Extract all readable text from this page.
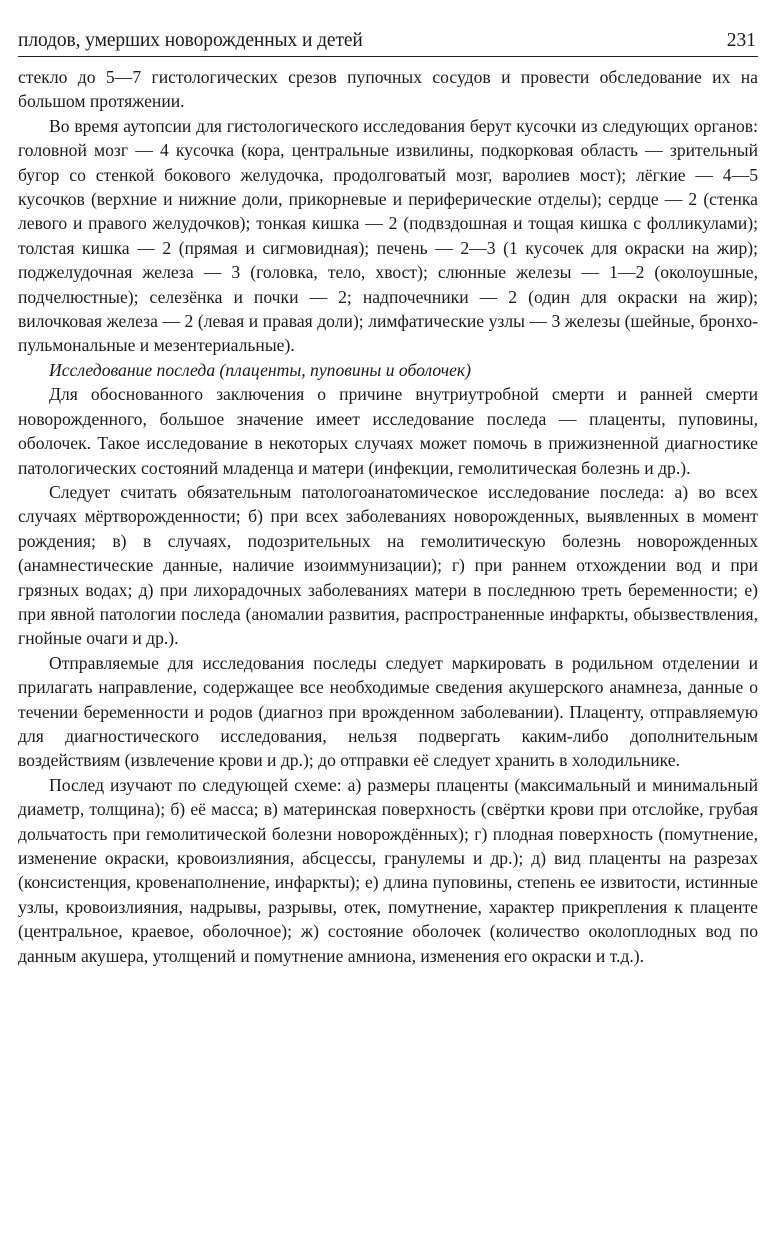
плодов, умерших новорожденных и детей	231

стекло до 5—7 гистологических срезов пупочных сосудов и провести обследование их на большом протяжении.

Во время аутопсии для гистологического исследования берут кусочки из следующих органов: головной мозг — 4 кусочка (кора, центральные извилины, подкорковая область — зрительный бугор со стенкой бокового желудочка, продолговатый мозг, варолиев мост); лёгкие — 4—5 кусочков (верхние и нижние доли, прикорневые и периферические отделы); сердце — 2 (стенка левого и правого желудочков); тонкая кишка — 2 (подвздошная и тощая кишка с фолликулами); толстая кишка — 2 (прямая и сигмовидная); печень — 2—3 (1 кусочек для окраски на жир); поджелудочная железа — 3 (головка, тело, хвост); слюнные железы — 1—2 (околоушные, подчелюстные); селезёнка и почки — 2; надпочечники — 2 (один для окраски на жир); вилочковая железа — 2 (левая и правая доли); лимфатические узлы — 3 железы (шейные, бронхо-пульмональные и мезентериальные).

Исследование последа (плаценты, пуповины и оболочек)

Для обоснованного заключения о причине внутриутробной смерти и ранней смерти новорожденного, большое значение имеет исследование последа — плаценты, пуповины, оболочек. Такое исследование в некоторых случаях может помочь в прижизненной диагностике патологических состояний младенца и матери (инфекции, гемолитическая болезнь и др.).

Следует считать обязательным патологоанатомическое исследование последа: а) во всех случаях мёртворожденности; б) при всех заболеваниях новорожденных, выявленных в момент рождения; в) в случаях, подозрительных на гемолитическую болезнь новорожденных (анамнестические данные, наличие изоиммунизации); г) при раннем отхождении вод и при грязных водах; д) при лихорадочных заболеваниях матери в последнюю треть беременности; е) при явной патологии последа (аномалии развития, распространенные инфаркты, обызвествления, гнойные очаги и др.).

Отправляемые для исследования последы следует маркировать в родильном отделении и прилагать направление, содержащее все необходимые сведения акушерского анамнеза, данные о течении беременности и родов (диагноз при врожденном заболевании). Плаценту, отправляемую для диагностического исследования, нельзя подвергать каким-либо дополнительным воздействиям (извлечение крови и др.); до отправки её следует хранить в холодильнике.

Послед изучают по следующей схеме: а) размеры плаценты (максимальный и минимальный диаметр, толщина); б) её масса; в) материнская поверхность (свёртки крови при отслойке, грубая дольчатость при гемолитической болезни новорождённых); г) плодная поверхность (помутнение, изменение окраски, кровоизлияния, абсцессы, гранулемы и др.); д) вид плаценты на разрезах (консистенция, кровенаполнение, инфаркты); е) длина пуповины, степень ее извитости, истинные узлы, кровоизлияния, надрывы, разрывы, отек, помутнение, характер прикрепления к плаценте (центральное, краевое, оболочное); ж) состояние оболочек (количество околоплодных вод по данным акушера, утолщений и помутнение амниона, изменения его окраски и т.д.).
